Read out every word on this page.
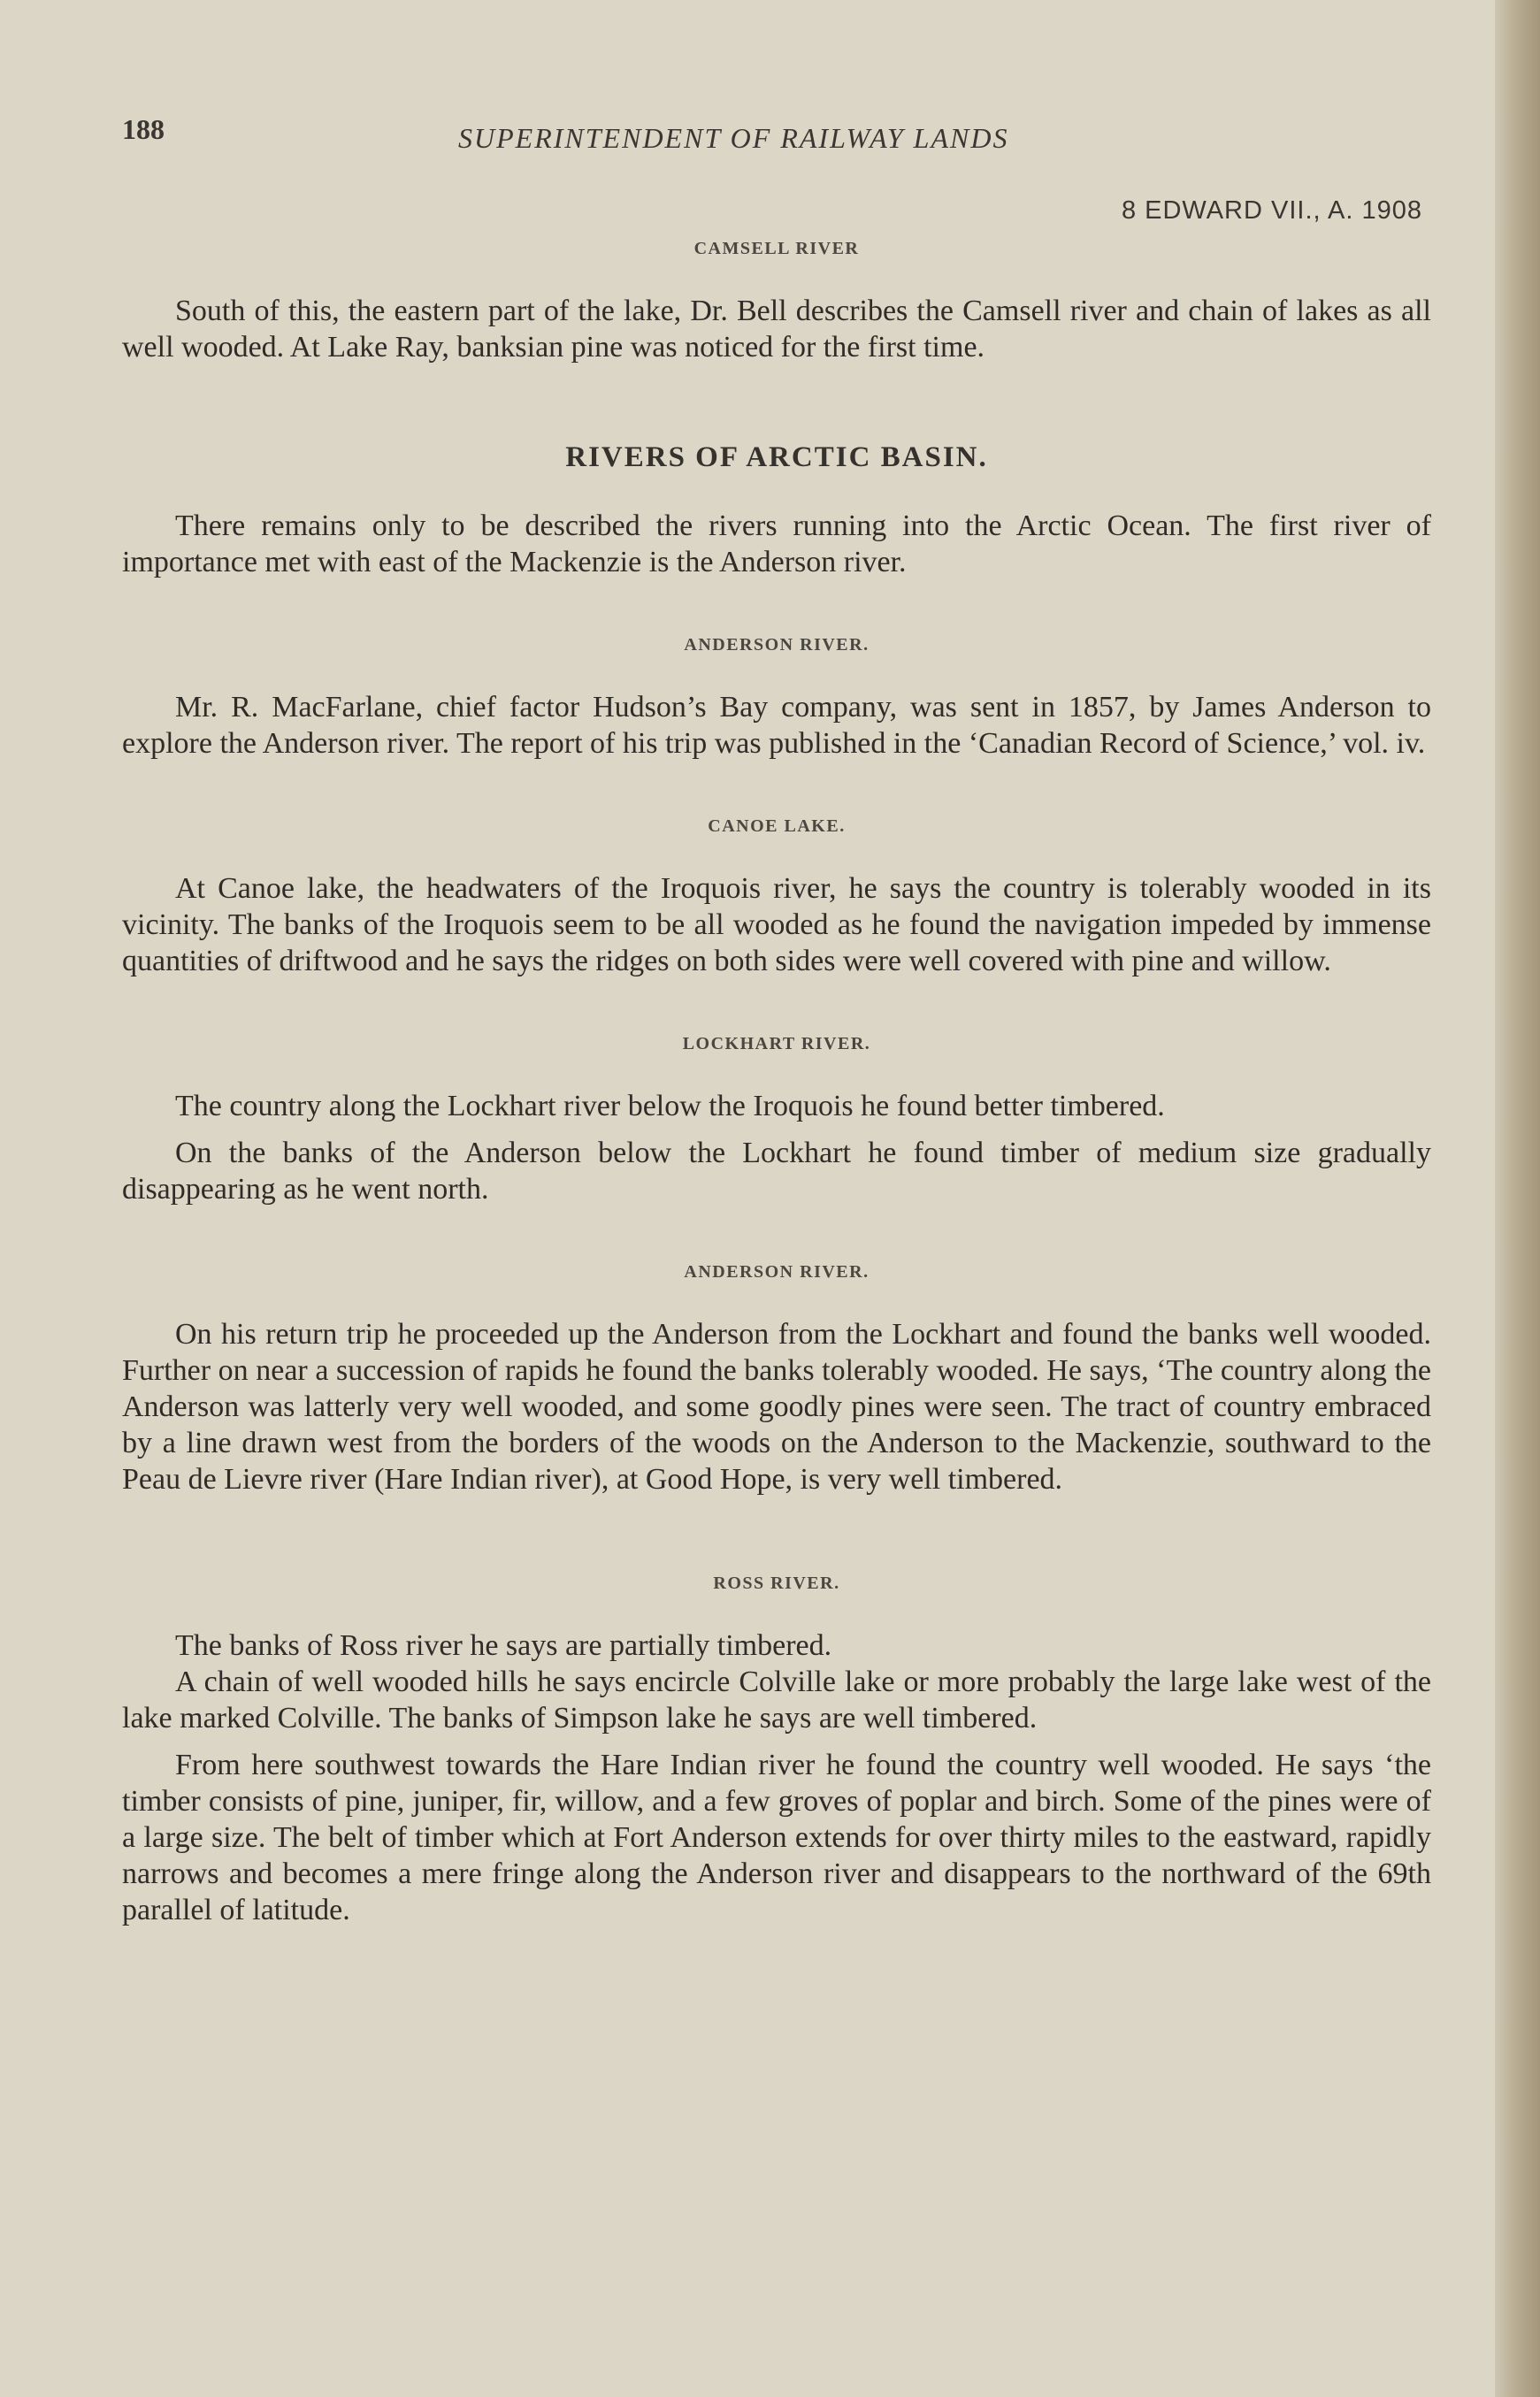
188	SUPERINTENDENT OF RAILWAY LANDS
8 EDWARD VII., A. 1908
CAMSELL RIVER

South of this, the eastern part of the lake, Dr. Bell describes the Camsell river and chain of lakes as all well wooded. At Lake Ray, banksian pine was noticed for the first time.

RIVERS OF ARCTIC BASIN.

There remains only to be described the rivers running into the Arctic Ocean. The first river of importance met with east of the Mackenzie is the Anderson river.

ANDERSON RIVER.

Mr. R. MacFarlane, chief factor Hudson’s Bay company, was sent in 1857, by James Anderson to explore the Anderson river. The report of his trip was published in the ‘Canadian Record of Science,’ vol. iv.

CANOE LAKE.

At Canoe lake, the headwaters of the Iroquois river, he says the country is tolerably wooded in its vicinity. The banks of the Iroquois seem to be all wooded as he found the navigation impeded by immense quantities of driftwood and he says the ridges on both sides were well covered with pine and willow.

LOCKHART RIVER.

The country along the Lockhart river below the Iroquois he found better timbered.

On the banks of the Anderson below the Lockhart he found timber of medium size gradually disappearing as he went north.

ANDERSON RIVER.

On his return trip he proceeded up the Anderson from the Lockhart and found the banks well wooded. Further on near a succession of rapids he found the banks tolerably wooded. He says, ‘The country along the Anderson was latterly very well wooded, and some goodly pines were seen. The tract of country embraced by a line drawn west from the borders of the woods on the Anderson to the Mackenzie, southward to the Peau de Lievre river (Hare Indian river), at Good Hope, is very well timbered.

ROSS RIVER.

The banks of Ross river he says are partially timbered.

A chain of well wooded hills he says encircle Colville lake or more probably the large lake west of the lake marked Colville. The banks of Simpson lake he says are well timbered.

From here southwest towards the Hare Indian river he found the country well wooded. He says ‘the timber consists of pine, juniper, fir, willow, and a few groves of poplar and birch. Some of the pines were of a large size. The belt of timber which at Fort Anderson extends for over thirty miles to the eastward, rapidly narrows and becomes a mere fringe along the Anderson river and disappears to the northward of the 69th parallel of latitude.
